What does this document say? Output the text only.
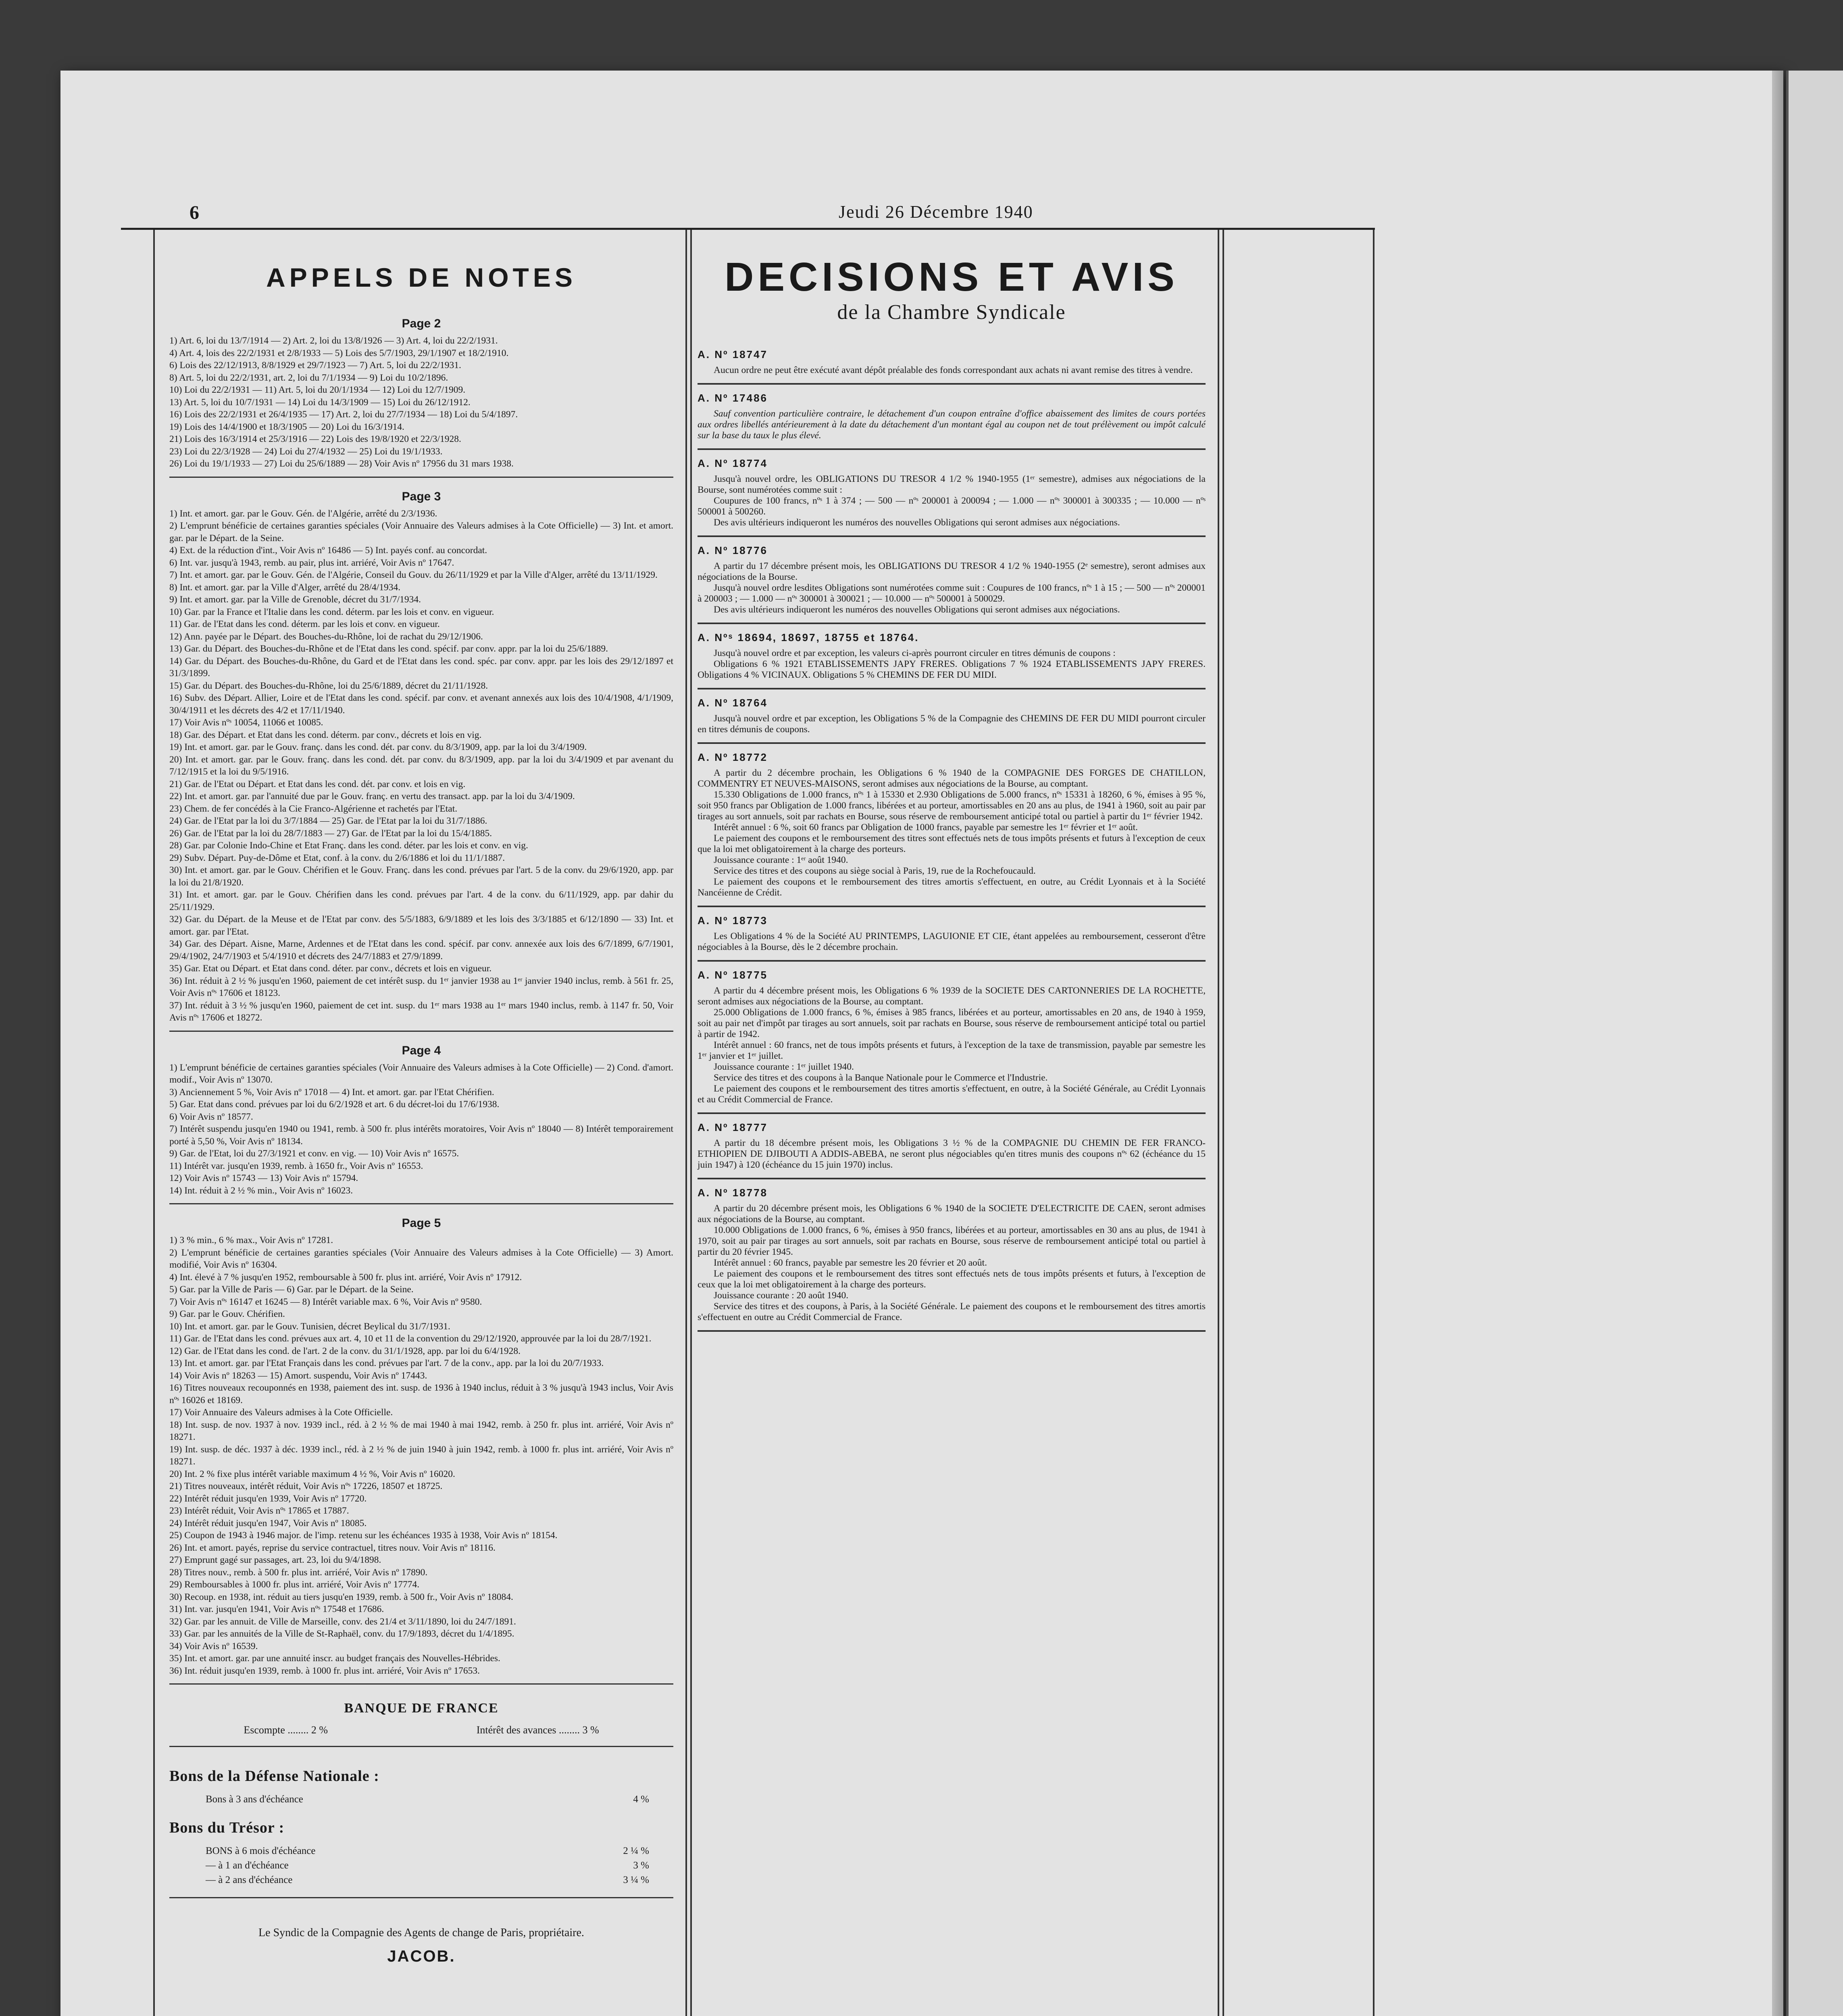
6	Jeudi 26 Décembre 1940
APPELS DE NOTES
Page 2
1) Art. 6, loi du 13/7/1914 — 2) Art. 2, loi du 13/8/1926 — 3) Art. 4, loi du 22/2/1931.
4) Art. 4, lois des 22/2/1931 et 2/8/1933 — 5) Lois des 5/7/1903, 29/1/1907 et 18/2/1910.
6) Lois des 22/12/1913, 8/8/1929 et 29/7/1923 — 7) Art. 5, loi du 22/2/1931.
8) Art. 5, loi du 22/2/1931, art. 2, loi du 7/1/1934 — 9) Loi du 10/2/1896.
10) Loi du 22/2/1931 — 11) Art. 5, loi du 20/1/1934 — 12) Loi du 12/7/1909.
13) Art. 5, loi du 10/7/1931 — 14) Loi du 14/3/1909 — 15) Loi du 26/12/1912.
16) Lois des 22/2/1931 et 26/4/1935 — 17) Art. 2, loi du 27/7/1934 — 18) Loi du 5/4/1897.
19) Lois des 14/4/1900 et 18/3/1905 — 20) Loi du 16/3/1914.
21) Lois des 16/3/1914 et 25/3/1916 — 22) Lois des 19/8/1920 et 22/3/1928.
23) Loi du 22/3/1928 — 24) Loi du 27/4/1932 — 25) Loi du 19/1/1933.
26) Loi du 19/1/1933 — 27) Loi du 25/6/1889 — 28) Voir Avis nº 17956 du 31 mars 1938.
Page 3
1) Int. et amort. gar. par le Gouv. Gén. de l'Algérie, arrêté du 2/3/1936.
2) L'emprunt bénéficie de certaines garanties spéciales (Voir Annuaire des Valeurs admises à la Cote Officielle) — 3) Int. et amort. gar. par le Départ. de la Seine.
4) Ext. de la réduction d'int., Voir Avis nº 16486 — 5) Int. payés conf. au concordat.
6) Int. var. jusqu'à 1943, remb. au pair, plus int. arriéré, Voir Avis nº 17647.
7) Int. et amort. gar. par le Gouv. Gén. de l'Algérie, Conseil du Gouv. du 26/11/1929 et par la Ville d'Alger, arrêté du 13/11/1929.
8) Int. et amort. gar. par la Ville d'Alger, arrêté du 28/4/1934.
9) Int. et amort. gar. par la Ville de Grenoble, décret du 31/7/1934.
10) Gar. par la France et l'Italie dans les cond. déterm. par les lois et conv. en vigueur.
11) Gar. de l'Etat dans les cond. déterm. par les lois et conv. en vigueur.
12) Ann. payée par le Départ. des Bouches-du-Rhône, loi de rachat du 29/12/1906.
13) Gar. du Départ. des Bouches-du-Rhône et de l'Etat dans les cond. spécif. par conv. appr. par la loi du 25/6/1889.
14) Gar. du Départ. des Bouches-du-Rhône, du Gard et de l'Etat dans les cond. spéc. par conv. appr. par les lois des 29/12/1897 et 31/3/1899.
15) Gar. du Départ. des Bouches-du-Rhône, loi du 25/6/1889, décret du 21/11/1928.
16) Subv. des Départ. Allier, Loire et de l'Etat dans les cond. spécif. par conv. et avenant annexés aux lois des 10/4/1908, 4/1/1909, 30/4/1911 et les décrets des 4/2 et 17/11/1940.
17) Voir Avis nºˢ 10054, 11066 et 10085.
18) Gar. des Départ. et Etat dans les cond. déterm. par conv., décrets et lois en vig.
19) Int. et amort. gar. par le Gouv. franç. dans les cond. dét. par conv. du 8/3/1909, app. par la loi du 3/4/1909.
20) Int. et amort. gar. par le Gouv. franç. dans les cond. dét. par conv. du 8/3/1909, app. par la loi du 3/4/1909 et par avenant du 7/12/1915 et la loi du 9/5/1916.
21) Gar. de l'Etat ou Départ. et Etat dans les cond. dét. par conv. et lois en vig.
22) Int. et amort. gar. par l'annuité due par le Gouv. franç. en vertu des transact. app. par la loi du 3/4/1909.
23) Chem. de fer concédés à la Cie Franco-Algérienne et rachetés par l'Etat.
24) Gar. de l'Etat par la loi du 3/7/1884 — 25) Gar. de l'Etat par la loi du 31/7/1886.
26) Gar. de l'Etat par la loi du 28/7/1883 — 27) Gar. de l'Etat par la loi du 15/4/1885.
28) Gar. par Colonie Indo-Chine et Etat Franç. dans les cond. déter. par les lois et conv. en vig.
29) Subv. Départ. Puy-de-Dôme et Etat, conf. à la conv. du 2/6/1886 et loi du 11/1/1887.
30) Int. et amort. gar. par le Gouv. Chérifien et le Gouv. Franç. dans les cond. prévues par l'art. 5 de la conv. du 29/6/1920, app. par la loi du 21/8/1920.
31) Int. et amort. gar. par le Gouv. Chérifien dans les cond. prévues par l'art. 4 de la conv. du 6/11/1929, app. par dahir du 25/11/1929.
32) Gar. du Départ. de la Meuse et de l'Etat par conv. des 5/5/1883, 6/9/1889 et les lois des 3/3/1885 et 6/12/1890 — 33) Int. et amort. gar. par l'Etat.
34) Gar. des Départ. Aisne, Marne, Ardennes et de l'Etat dans les cond. spécif. par conv. annexée aux lois des 6/7/1899, 6/7/1901, 29/4/1902, 24/7/1903 et 5/4/1910 et décrets des 24/7/1883 et 27/9/1899.
35) Gar. Etat ou Départ. et Etat dans cond. déter. par conv., décrets et lois en vigueur.
36) Int. réduit à 2 ½ % jusqu'en 1960, paiement de cet intérêt susp. du 1ᵉʳ janvier 1938 au 1ᵉʳ janvier 1940 inclus, remb. à 561 fr. 25, Voir Avis nºˢ 17606 et 18123.
37) Int. réduit à 3 ½ % jusqu'en 1960, paiement de cet int. susp. du 1ᵉʳ mars 1938 au 1ᵉʳ mars 1940 inclus, remb. à 1147 fr. 50, Voir Avis nºˢ 17606 et 18272.
Page 4
1) L'emprunt bénéficie de certaines garanties spéciales (Voir Annuaire des Valeurs admises à la Cote Officielle) — 2) Cond. d'amort. modif., Voir Avis nº 13070.
3) Anciennement 5 %, Voir Avis nº 17018 — 4) Int. et amort. gar. par l'Etat Chérifien.
5) Gar. Etat dans cond. prévues par loi du 6/2/1928 et art. 6 du décret-loi du 17/6/1938.
6) Voir Avis nº 18577.
7) Intérêt suspendu jusqu'en 1940 ou 1941, remb. à 500 fr. plus intérêts moratoires, Voir Avis nº 18040 — 8) Intérêt temporairement porté à 5,50 %, Voir Avis nº 18134.
9) Gar. de l'Etat, loi du 27/3/1921 et conv. en vig. — 10) Voir Avis nº 16575.
11) Intérêt var. jusqu'en 1939, remb. à 1650 fr., Voir Avis nº 16553.
12) Voir Avis nº 15743 — 13) Voir Avis nº 15794.
14) Int. réduit à 2 ½ % min., Voir Avis nº 16023.
Page 5
1) 3 % min., 6 % max., Voir Avis nº 17281.
2) L'emprunt bénéficie de certaines garanties spéciales (Voir Annuaire des Valeurs admises à la Cote Officielle) — 3) Amort. modifié, Voir Avis nº 16304.
4) Int. élevé à 7 % jusqu'en 1952, remboursable à 500 fr. plus int. arriéré, Voir Avis nº 17912.
5) Gar. par la Ville de Paris — 6) Gar. par le Départ. de la Seine.
7) Voir Avis nºˢ 16147 et 16245 — 8) Intérêt variable max. 6 %, Voir Avis nº 9580.
9) Gar. par le Gouv. Chérifien.
10) Int. et amort. gar. par le Gouv. Tunisien, décret Beylical du 31/7/1931.
11) Gar. de l'Etat dans les cond. prévues aux art. 4, 10 et 11 de la convention du 29/12/1920, approuvée par la loi du 28/7/1921.
12) Gar. de l'Etat dans les cond. de l'art. 2 de la conv. du 31/1/1928, app. par loi du 6/4/1928.
13) Int. et amort. gar. par l'Etat Français dans les cond. prévues par l'art. 7 de la conv., app. par la loi du 20/7/1933.
14) Voir Avis nº 18263 — 15) Amort. suspendu, Voir Avis nº 17443.
16) Titres nouveaux recouponnés en 1938, paiement des int. susp. de 1936 à 1940 inclus, réduit à 3 % jusqu'à 1943 inclus, Voir Avis nºˢ 16026 et 18169.
17) Voir Annuaire des Valeurs admises à la Cote Officielle.
18) Int. susp. de nov. 1937 à nov. 1939 incl., réd. à 2 ½ % de mai 1940 à mai 1942, remb. à 250 fr. plus int. arriéré, Voir Avis nº 18271.
19) Int. susp. de déc. 1937 à déc. 1939 incl., réd. à 2 ½ % de juin 1940 à juin 1942, remb. à 1000 fr. plus int. arriéré, Voir Avis nº 18271.
20) Int. 2 % fixe plus intérêt variable maximum 4 ½ %, Voir Avis nº 16020.
21) Titres nouveaux, intérêt réduit, Voir Avis nºˢ 17226, 18507 et 18725.
22) Intérêt réduit jusqu'en 1939, Voir Avis nº 17720.
23) Intérêt réduit, Voir Avis nºˢ 17865 et 17887.
24) Intérêt réduit jusqu'en 1947, Voir Avis nº 18085.
25) Coupon de 1943 à 1946 major. de l'imp. retenu sur les échéances 1935 à 1938, Voir Avis nº 18154.
26) Int. et amort. payés, reprise du service contractuel, titres nouv. Voir Avis nº 18116.
27) Emprunt gagé sur passages, art. 23, loi du 9/4/1898.
28) Titres nouv., remb. à 500 fr. plus int. arriéré, Voir Avis nº 17890.
29) Remboursables à 1000 fr. plus int. arriéré, Voir Avis nº 17774.
30) Recoup. en 1938, int. réduit au tiers jusqu'en 1939, remb. à 500 fr., Voir Avis nº 18084.
31) Int. var. jusqu'en 1941, Voir Avis nºˢ 17548 et 17686.
32) Gar. par les annuit. de Ville de Marseille, conv. des 21/4 et 3/11/1890, loi du 24/7/1891.
33) Gar. par les annuités de la Ville de St-Raphaël, conv. du 17/9/1893, décret du 1/4/1895.
34) Voir Avis nº 16539.
35) Int. et amort. gar. par une annuité inscr. au budget français des Nouvelles-Hébrides.
36) Int. réduit jusqu'en 1939, remb. à 1000 fr. plus int. arriéré, Voir Avis nº 17653.
BANQUE DE FRANCE
Escompte ........ 2 %	Intérêt des avances ........ 3 %
Bons de la Défense Nationale :
Bons à 3 ans d'échéance	4 %
Bons du Trésor :
BONS à 6 mois d'échéance	2 ¼ %
— à 1 an d'échéance	3 %
— à 2 ans d'échéance	3 ¼ %
Le Syndic de la Compagnie des Agents de change de Paris, propriétaire.
JACOB.
DECISIONS ET AVIS
de la Chambre Syndicale
A. Nº 18747
Aucun ordre ne peut être exécuté avant dépôt préalable des fonds correspondant aux achats ni avant remise des titres à vendre.
A. Nº 17486
Sauf convention particulière contraire, le détachement d'un coupon entraîne d'office abaissement des limites de cours portées aux ordres libellés antérieurement à la date du détachement d'un montant égal au coupon net de tout prélèvement ou impôt calculé sur la base du taux le plus élevé.
A. Nº 18774
Jusqu'à nouvel ordre, les OBLIGATIONS DU TRESOR 4 1/2 % 1940-1955 (1ᵉʳ semestre), admises aux négociations de la Bourse, sont numérotées comme suit :
Coupures de 100 francs, nºˢ 1 à 374 ; — 500 — nºˢ 200001 à 200094 ; — 1.000 — nºˢ 300001 à 300335 ; — 10.000 — nºˢ 500001 à 500260.
Des avis ultérieurs indiqueront les numéros des nouvelles Obligations qui seront admises aux négociations.
A. Nº 18776
A partir du 17 décembre présent mois, les OBLIGATIONS DU TRESOR 4 1/2 % 1940-1955 (2ᵉ semestre), seront admises aux négociations de la Bourse.
Jusqu'à nouvel ordre lesdites Obligations sont numérotées comme suit : Coupures de 100 francs, nºˢ 1 à 15 ; — 500 — nºˢ 200001 à 200003 ; — 1.000 — nºˢ 300001 à 300021 ; — 10.000 — nºˢ 500001 à 500029.
Des avis ultérieurs indiqueront les numéros des nouvelles Obligations qui seront admises aux négociations.
A. Nºˢ 18694, 18697, 18755 et 18764.
Jusqu'à nouvel ordre et par exception, les valeurs ci-après pourront circuler en titres démunis de coupons :
Obligations 6 % 1921 ETABLISSEMENTS JAPY FRERES. Obligations 7 % 1924 ETABLISSEMENTS JAPY FRERES. Obligations 4 % VICINAUX. Obligations 5 % CHEMINS DE FER DU MIDI.
A. Nº 18764
Jusqu'à nouvel ordre et par exception, les Obligations 5 % de la Compagnie des CHEMINS DE FER DU MIDI pourront circuler en titres démunis de coupons.
A. Nº 18772
A partir du 2 décembre prochain, les Obligations 6 % 1940 de la COMPAGNIE DES FORGES DE CHATILLON, COMMENTRY ET NEUVES-MAISONS, seront admises aux négociations de la Bourse, au comptant.
15.330 Obligations de 1.000 francs, nºˢ 1 à 15330 et 2.930 Obligations de 5.000 francs, nºˢ 15331 à 18260, 6 %, émises à 95 %, soit 950 francs par Obligation de 1.000 francs, libérées et au porteur, amortissables en 20 ans au plus, de 1941 à 1960, soit au pair par tirages au sort annuels, soit par rachats en Bourse, sous réserve de remboursement anticipé total ou partiel à partir du 1ᵉʳ février 1942.
Intérêt annuel : 6 %, soit 60 francs par Obligation de 1000 francs, payable par semestre les 1ᵉʳ février et 1ᵉʳ août.
Le paiement des coupons et le remboursement des titres sont effectués nets de tous impôts présents et futurs à l'exception de ceux que la loi met obligatoirement à la charge des porteurs.
Jouissance courante : 1ᵉʳ août 1940.
Service des titres et des coupons au siège social à Paris, 19, rue de la Rochefoucauld.
Le paiement des coupons et le remboursement des titres amortis s'effectuent, en outre, au Crédit Lyonnais et à la Société Nancéienne de Crédit.
A. Nº 18773
Les Obligations 4 % de la Société AU PRINTEMPS, LAGUIONIE ET CIE, étant appelées au remboursement, cesseront d'être négociables à la Bourse, dès le 2 décembre prochain.
A. Nº 18775
A partir du 4 décembre présent mois, les Obligations 6 % 1939 de la SOCIETE DES CARTONNERIES DE LA ROCHETTE, seront admises aux négociations de la Bourse, au comptant.
25.000 Obligations de 1.000 francs, 6 %, émises à 985 francs, libérées et au porteur, amortissables en 20 ans, de 1940 à 1959, soit au pair net d'impôt par tirages au sort annuels, soit par rachats en Bourse, sous réserve de remboursement anticipé total ou partiel à partir de 1942.
Intérêt annuel : 60 francs, net de tous impôts présents et futurs, à l'exception de la taxe de transmission, payable par semestre les 1ᵉʳ janvier et 1ᵉʳ juillet.
Jouissance courante : 1ᵉʳ juillet 1940.
Service des titres et des coupons à la Banque Nationale pour le Commerce et l'Industrie.
Le paiement des coupons et le remboursement des titres amortis s'effectuent, en outre, à la Société Générale, au Crédit Lyonnais et au Crédit Commercial de France.
A. Nº 18777
A partir du 18 décembre présent mois, les Obligations 3 ½ % de la COMPAGNIE DU CHEMIN DE FER FRANCO-ETHIOPIEN DE DJIBOUTI A ADDIS-ABEBA, ne seront plus négociables qu'en titres munis des coupons nºˢ 62 (échéance du 15 juin 1947) à 120 (échéance du 15 juin 1970) inclus.
A. Nº 18778
A partir du 20 décembre présent mois, les Obligations 6 % 1940 de la SOCIETE D'ELECTRICITE DE CAEN, seront admises aux négociations de la Bourse, au comptant.
10.000 Obligations de 1.000 francs, 6 %, émises à 950 francs, libérées et au porteur, amortissables en 30 ans au plus, de 1941 à 1970, soit au pair par tirages au sort annuels, soit par rachats en Bourse, sous réserve de remboursement anticipé total ou partiel à partir du 20 février 1945.
Intérêt annuel : 60 francs, payable par semestre les 20 février et 20 août.
Le paiement des coupons et le remboursement des titres sont effectués nets de tous impôts présents et futurs, à l'exception de ceux que la loi met obligatoirement à la charge des porteurs.
Jouissance courante : 20 août 1940.
Service des titres et des coupons, à Paris, à la Société Générale. Le paiement des coupons et le remboursement des titres amortis s'effectuent en outre au Crédit Commercial de France.
